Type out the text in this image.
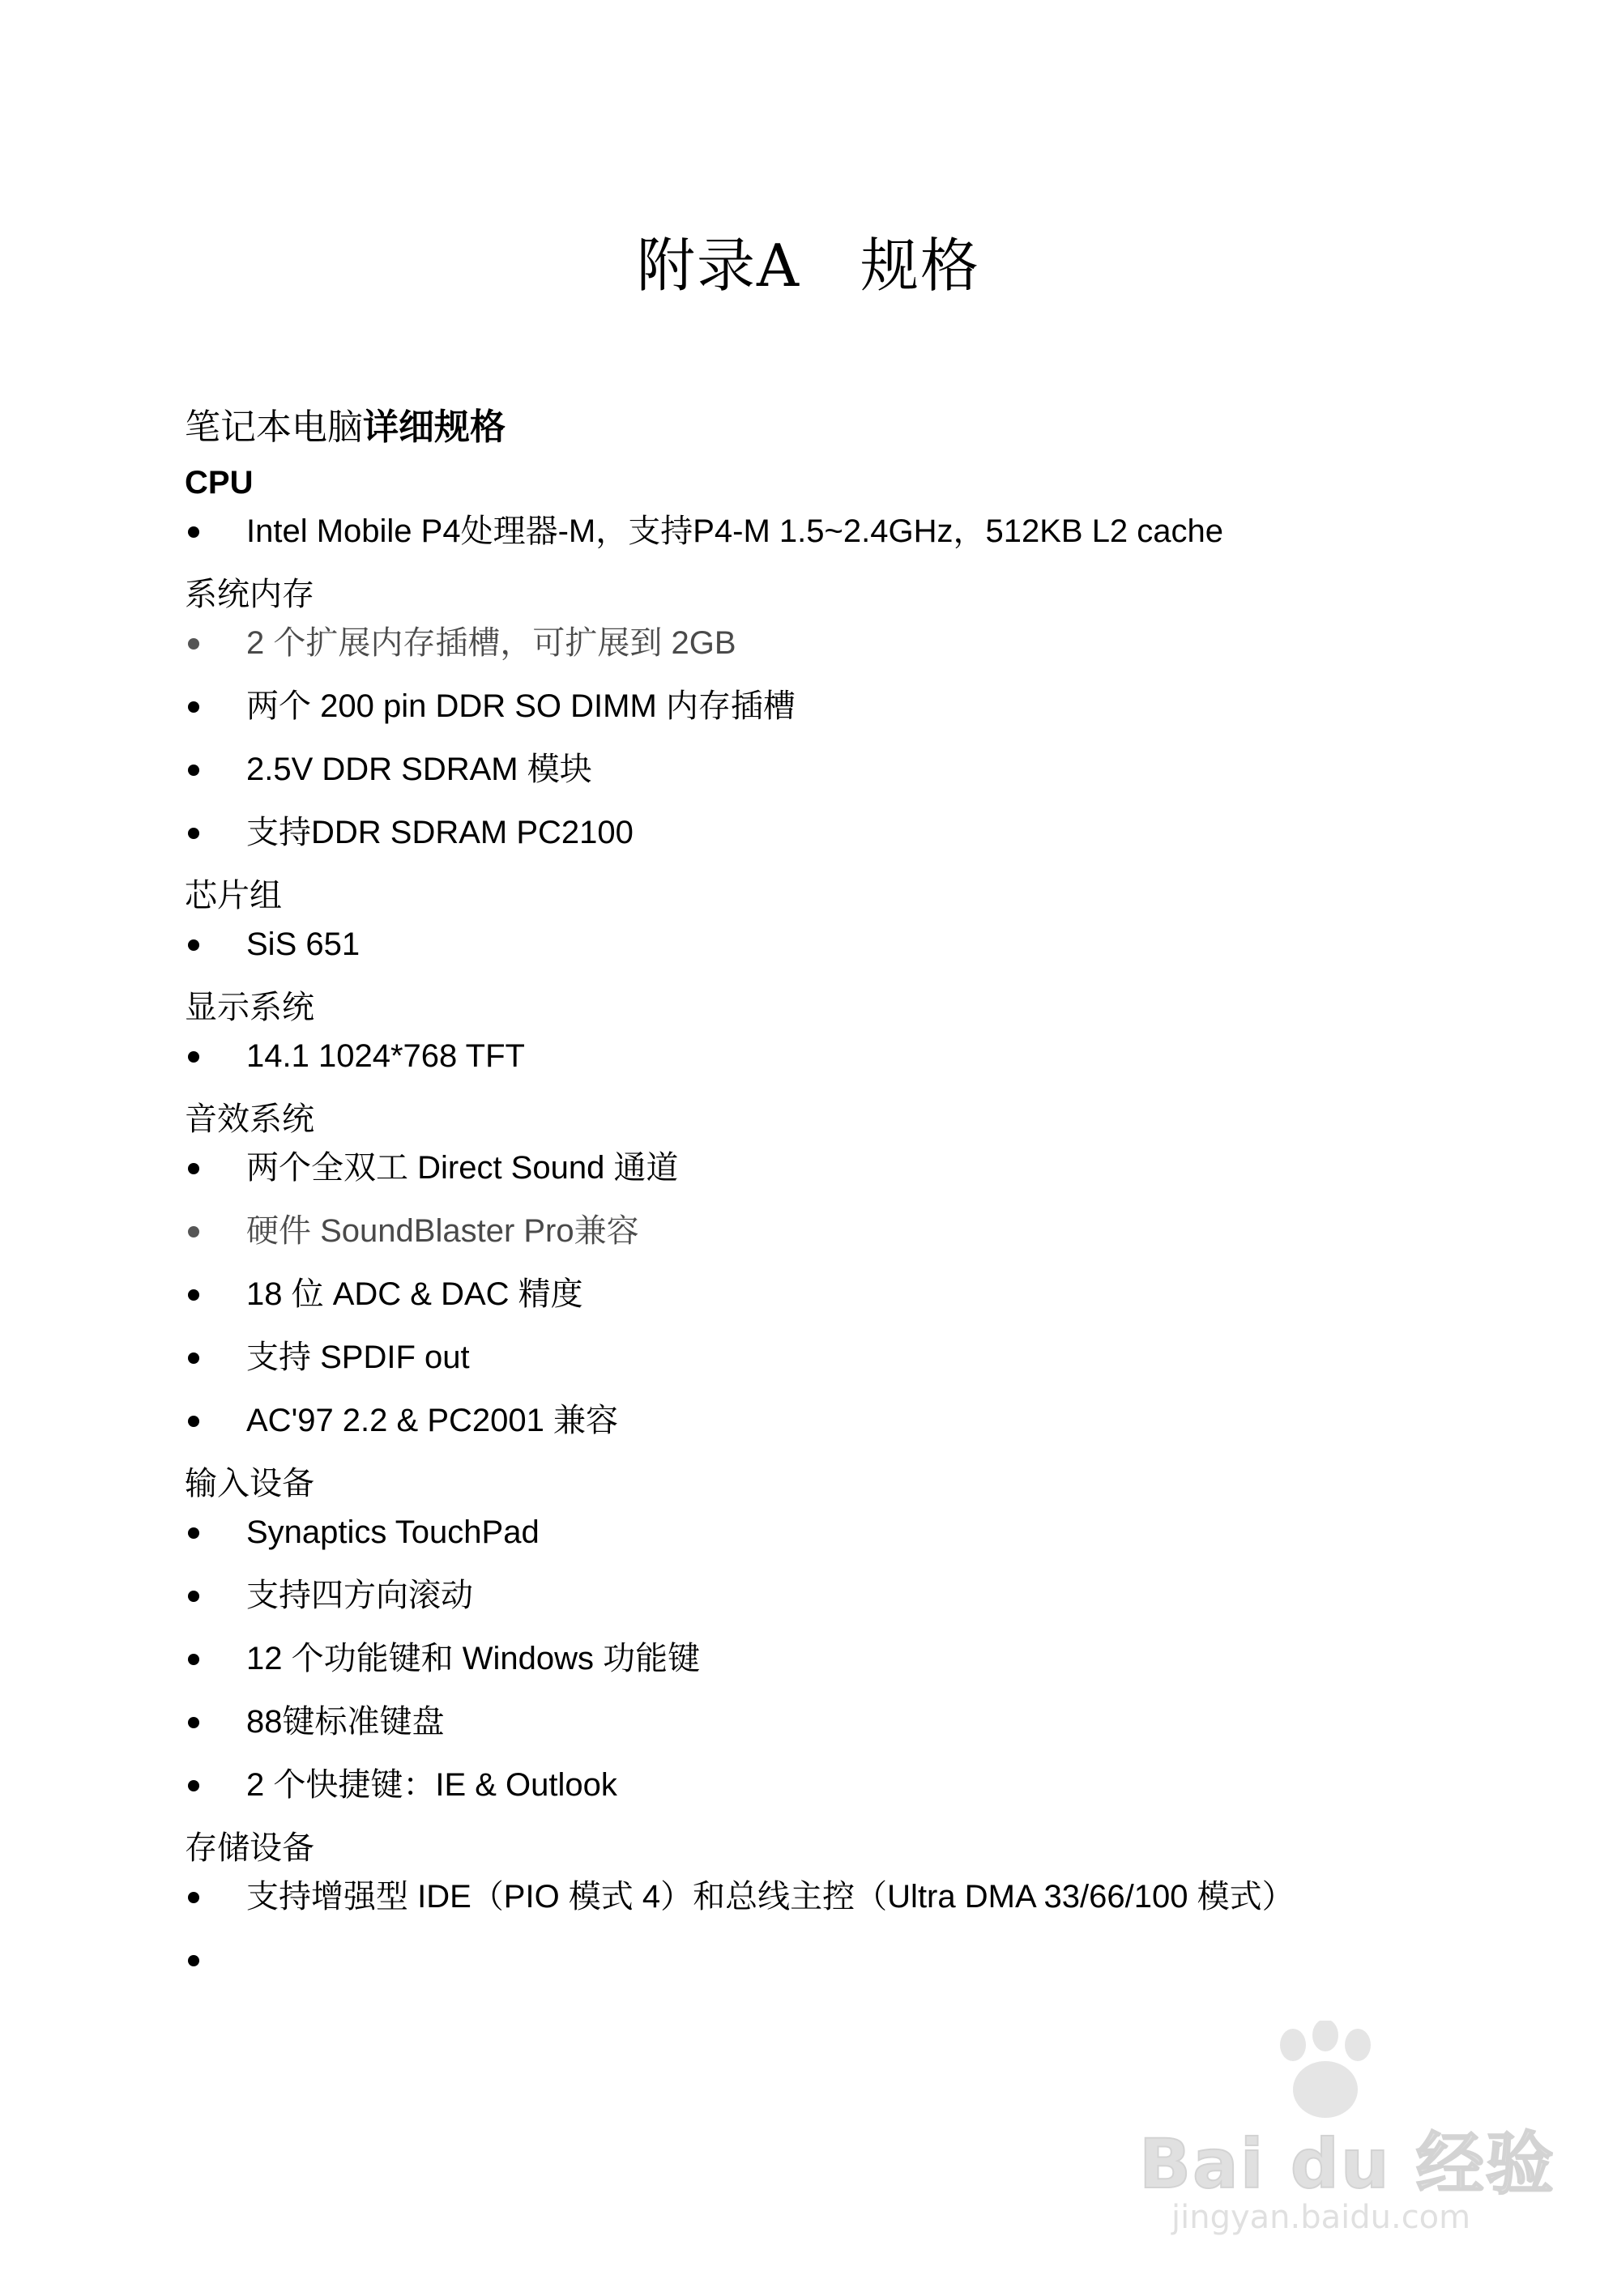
附录A　规格
笔记本电脑详细规格
CPU
Intel Mobile P4处理器-M，支持P4-M 1.5~2.4GHz，512KB L2 cache
系统内存
2 个扩展内存插槽，可扩展到 2GB
两个 200 pin DDR SO DIMM 内存插槽
2.5V DDR SDRAM 模块
支持DDR SDRAM PC2100
芯片组
SiS 651
显示系统
14.1 1024*768 TFT
音效系统
两个全双工 Direct Sound 通道
硬件 SoundBlaster Pro兼容
18 位 ADC & DAC 精度
支持 SPDIF out
AC'97 2.2 & PC2001 兼容
输入设备
Synaptics TouchPad
支持四方向滚动
12 个功能键和 Windows 功能键
88键标准键盘
2 个快捷键：IE & Outlook
存储设备
支持增强型 IDE（PIO 模式 4）和总线主控（Ultra DMA 33/66/100 模式）
Bai du 经验
jingyan.baidu.com
